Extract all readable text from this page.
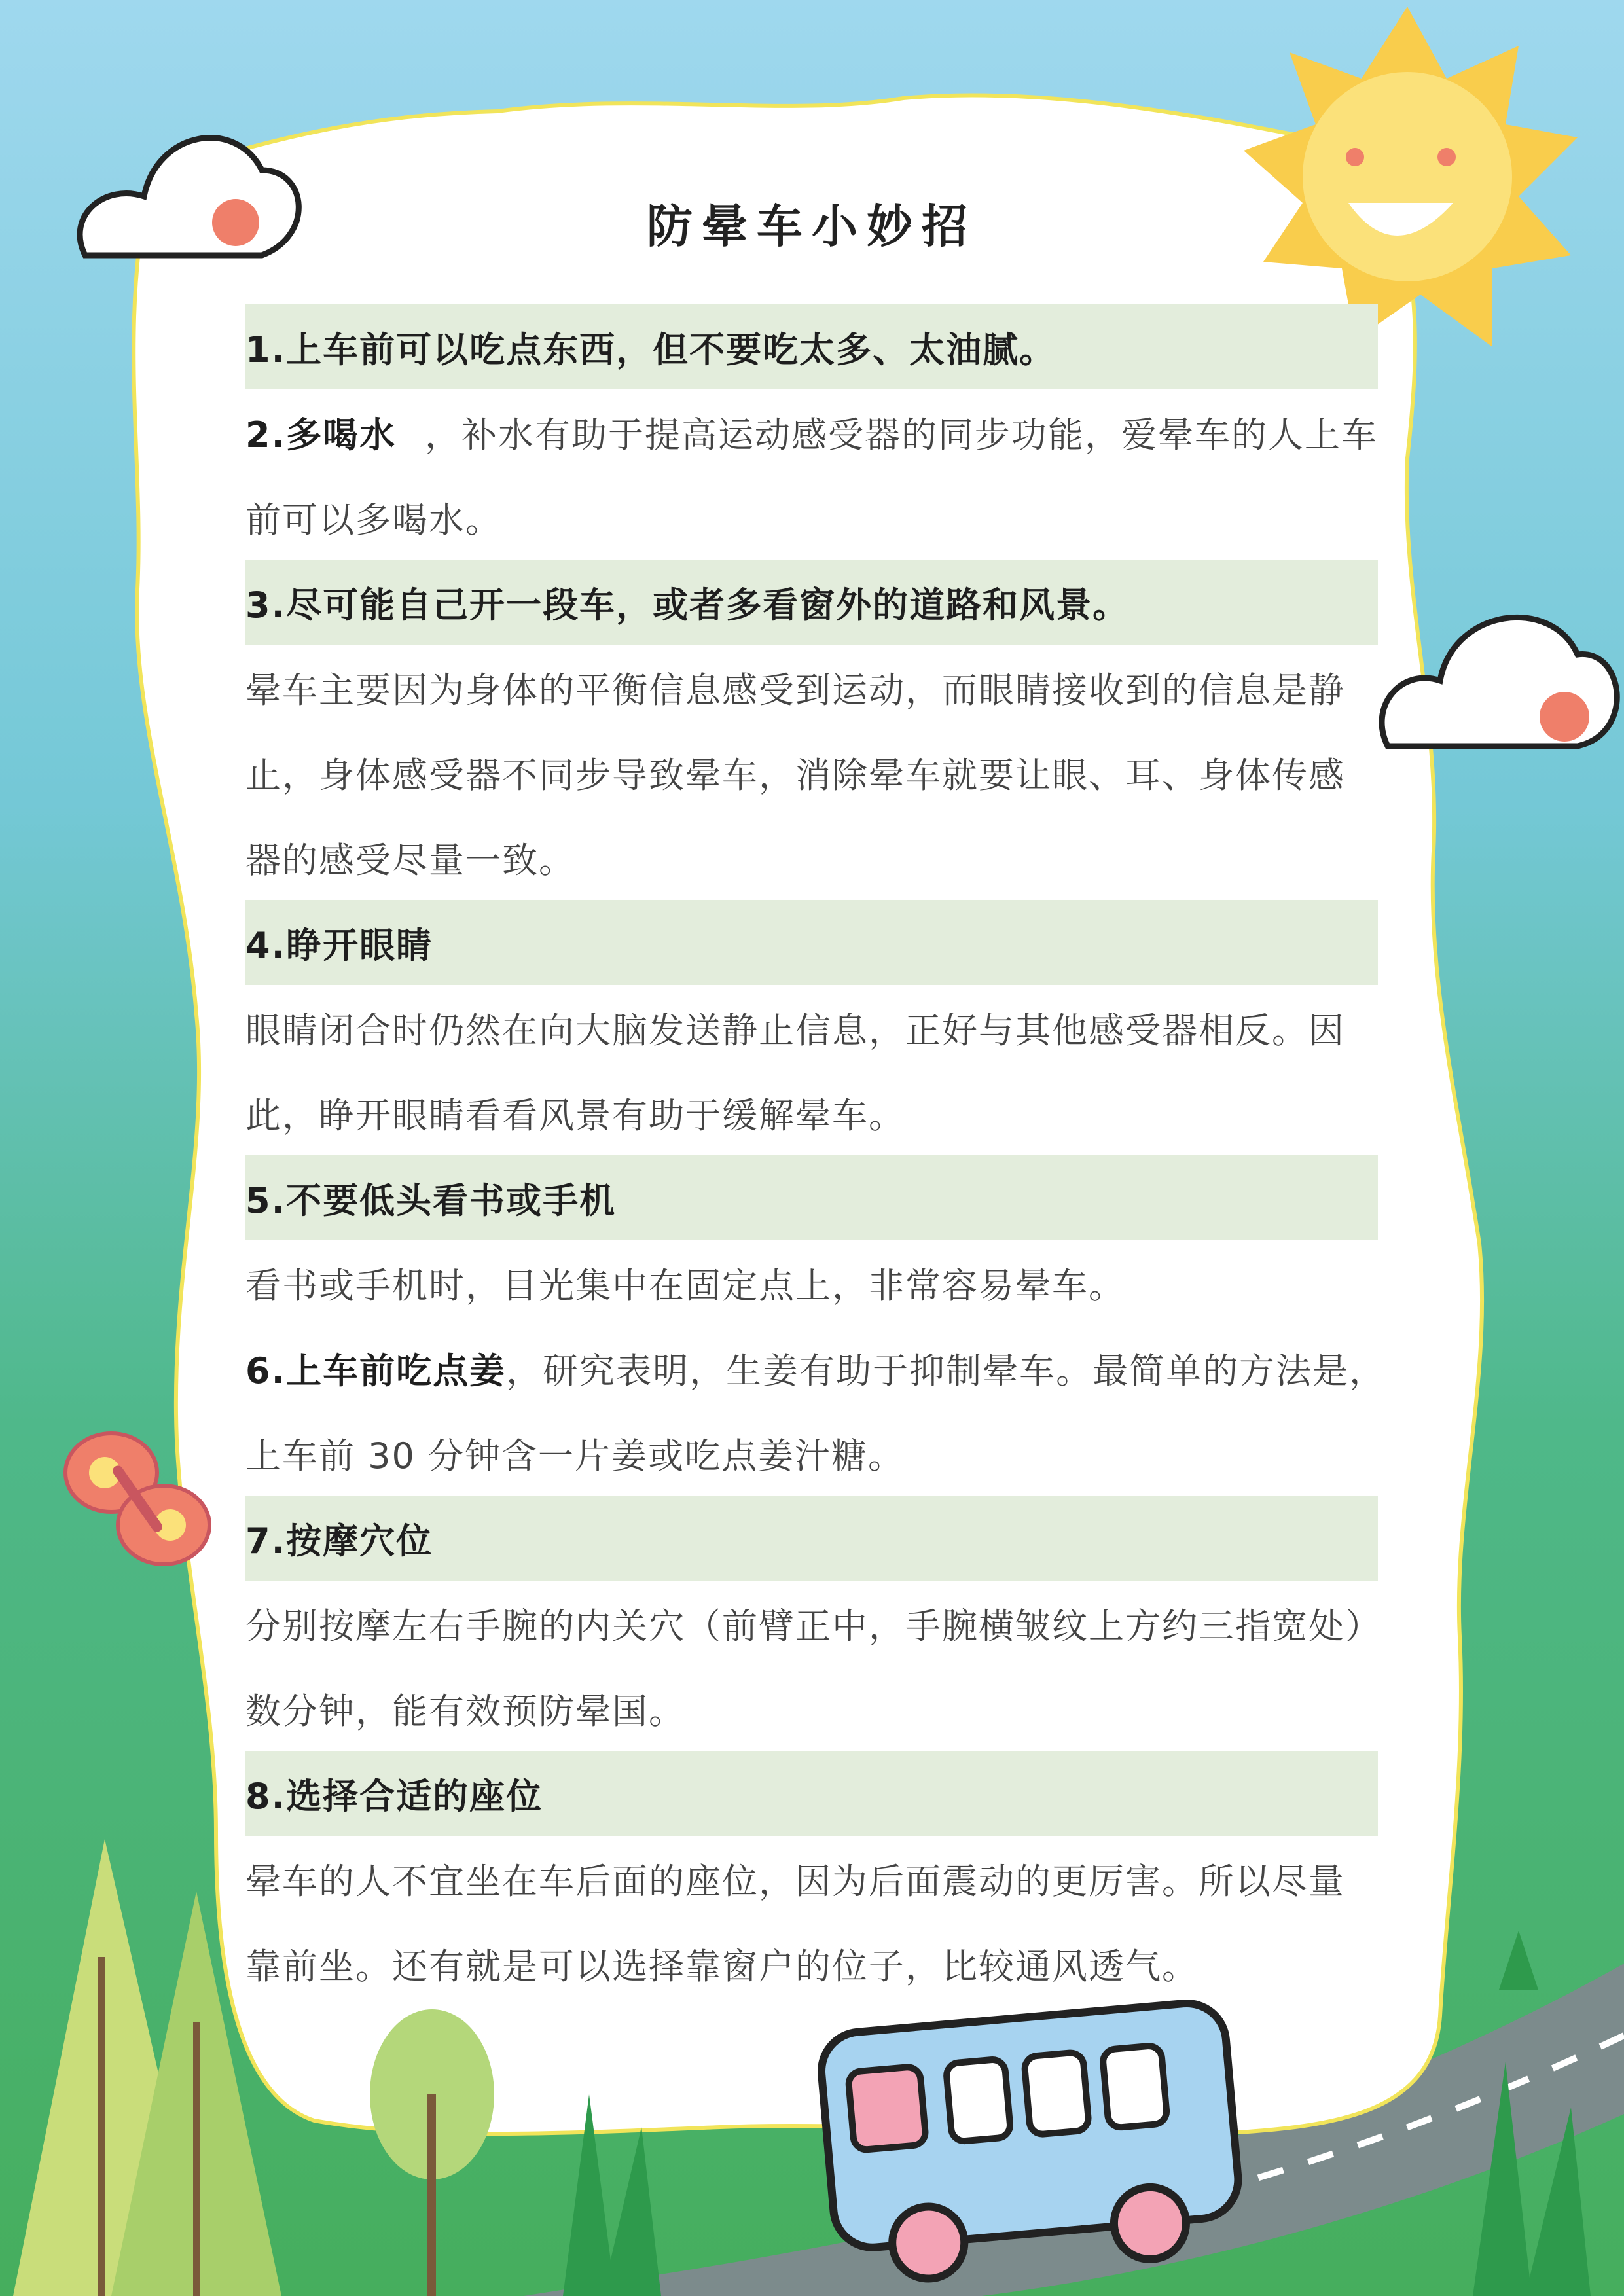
防晕车小妙招
1.上车前可以吃点东西，但不要吃太多、太油腻。
2.多喝水 ，补水有助于提高运动感受器的同步功能，爱晕车的人上车
前可以多喝水。
3.尽可能自己开一段车，或者多看窗外的道路和风景。
晕车主要因为身体的平衡信息感受到运动，而眼睛接收到的信息是静
止，身体感受器不同步导致晕车，消除晕车就要让眼、耳、身体传感
器的感受尽量一致。
4.睁开眼睛
眼睛闭合时仍然在向大脑发送静止信息，正好与其他感受器相反。因
此，睁开眼睛看看风景有助于缓解晕车。
5.不要低头看书或手机
看书或手机时，目光集中在固定点上，非常容易晕车。
6.上车前吃点姜 ，研究表明，生姜有助于抑制晕车。最简单的方法是，
上车前 30 分钟含一片姜或吃点姜汁糖。
7.按摩穴位
分别按摩左右手腕的内关穴（前臂正中，手腕横皱纹上方约三指宽处）
数分钟，能有效预防晕国。
8.选择合适的座位
晕车的人不宜坐在车后面的座位，因为后面震动的更厉害。所以尽量
靠前坐。还有就是可以选择靠窗户的位子，比较通风透气。
